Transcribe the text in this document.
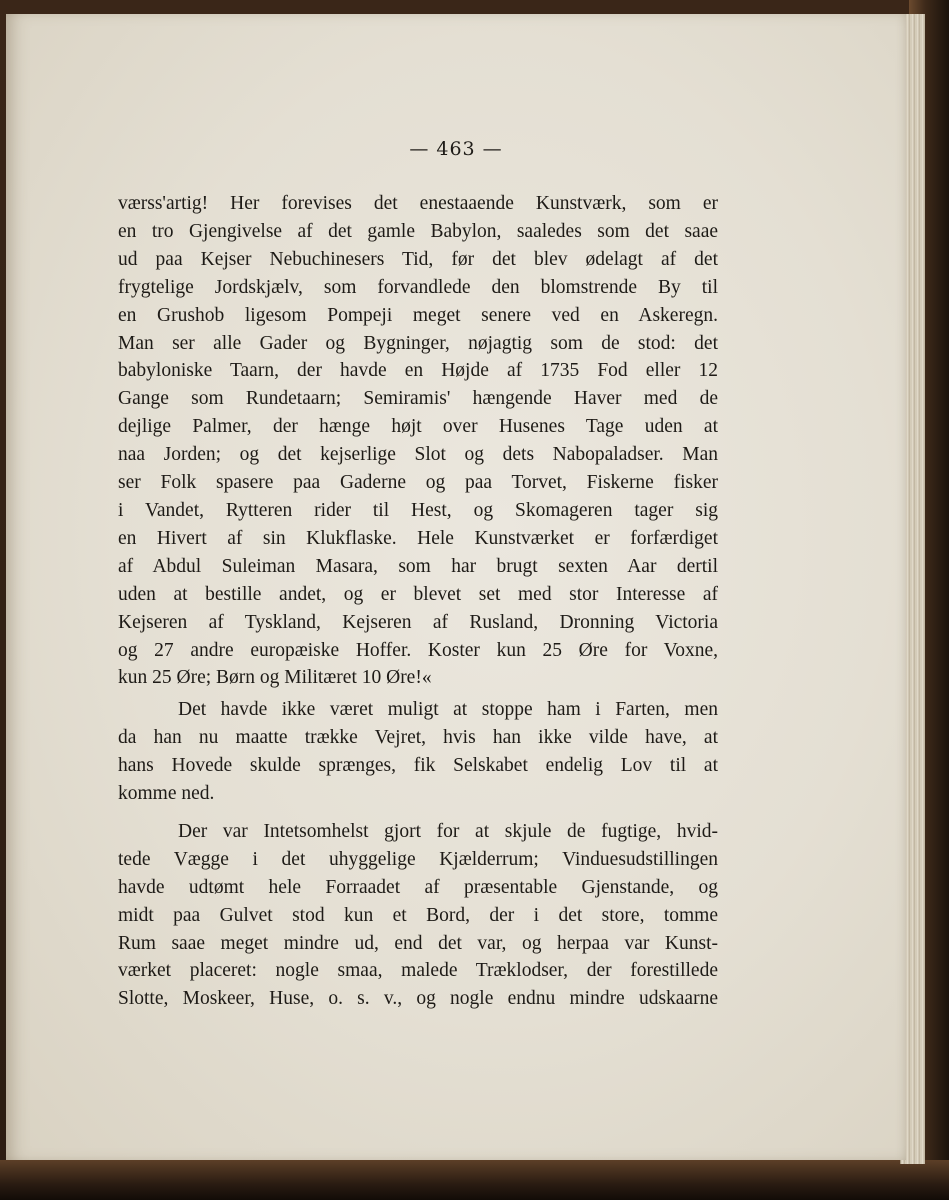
— 463 —

værss'artig! Her forevises det enestaaende Kunstværk, som er
en tro Gjengivelse af det gamle Babylon, saaledes som det saae
ud paa Kejser Nebuchinesers Tid, før det blev ødelagt af det
frygtelige Jordskjælv, som forvandlede den blomstrende By til
en Grushob ligesom Pompeji meget senere ved en Askeregn.
Man ser alle Gader og Bygninger, nøjagtig som de stod: det
babyloniske Taarn, der havde en Højde af 1735 Fod eller 12
Gange som Rundetaarn; Semiramis' hængende Haver med de
dejlige Palmer, der hænge højt over Husenes Tage uden at
naa Jorden; og det kejserlige Slot og dets Nabopaladser. Man
ser Folk spasere paa Gaderne og paa Torvet, Fiskerne fisker
i Vandet, Rytteren rider til Hest, og Skomageren tager sig
en Hivert af sin Klukflaske. Hele Kunstværket er forfærdiget
af Abdul Suleiman Masara, som har brugt sexten Aar dertil
uden at bestille andet, og er blevet set med stor Interesse af
Kejseren af Tyskland, Kejseren af Rusland, Dronning Victoria
og 27 andre europæiske Hoffer. Koster kun 25 Øre for Voxne,
kun 25 Øre; Børn og Militæret 10 Øre!«

Det havde ikke været muligt at stoppe ham i Farten, men
da han nu maatte trække Vejret, hvis han ikke vilde have, at
hans Hovede skulde sprænges, fik Selskabet endelig Lov til at
komme ned.

Der var Intetsomhelst gjort for at skjule de fugtige, hvid-
tede Vægge i det uhyggelige Kjælderrum; Vinduesudstillingen
havde udtømt hele Forraadet af præsentable Gjenstande, og
midt paa Gulvet stod kun et Bord, der i det store, tomme
Rum saae meget mindre ud, end det var, og herpaa var Kunst-
værket placeret: nogle smaa, malede Træklodser, der forestillede
Slotte, Moskeer, Huse, o. s. v., og nogle endnu mindre udskaarne
